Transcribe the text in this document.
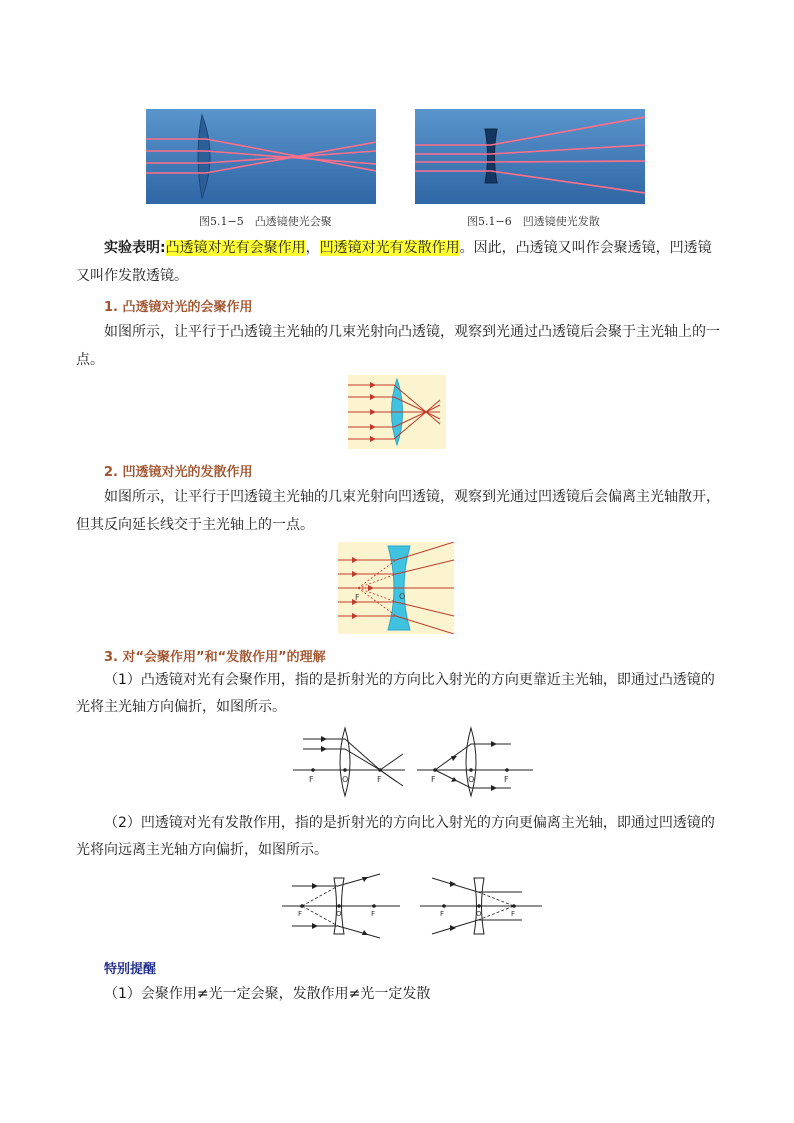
图5.1−5　凸透镜使光会聚	图5.1−6　凹透镜使光发散
实验表明:凸透镜对光有会聚作用，凹透镜对光有发散作用。因此，凸透镜又叫作会聚透镜，凹透镜
又叫作发散透镜。
1. 凸透镜对光的会聚作用
如图所示，让平行于凸透镜主光轴的几束光射向凸透镜，观察到光通过凸透镜后会聚于主光轴上的一
点。
2. 凹透镜对光的发散作用
如图所示，让平行于凹透镜主光轴的几束光射向凹透镜，观察到光通过凹透镜后会偏离主光轴散开，
但其反向延长线交于主光轴上的一点。
F	O
3. 对“会聚作用”和“发散作用”的理解
（1）凸透镜对光有会聚作用，指的是折射光的方向比入射光的方向更靠近主光轴，即通过凸透镜的
光将主光轴方向偏折，如图所示。
F	O	F	F	O	F
（2）凹透镜对光有发散作用，指的是折射光的方向比入射光的方向更偏离主光轴，即通过凹透镜的
光将向远离主光轴方向偏折，如图所示。
F	O	F	F	O	F
特别提醒
（1）会聚作用≠光一定会聚，发散作用≠光一定发散
